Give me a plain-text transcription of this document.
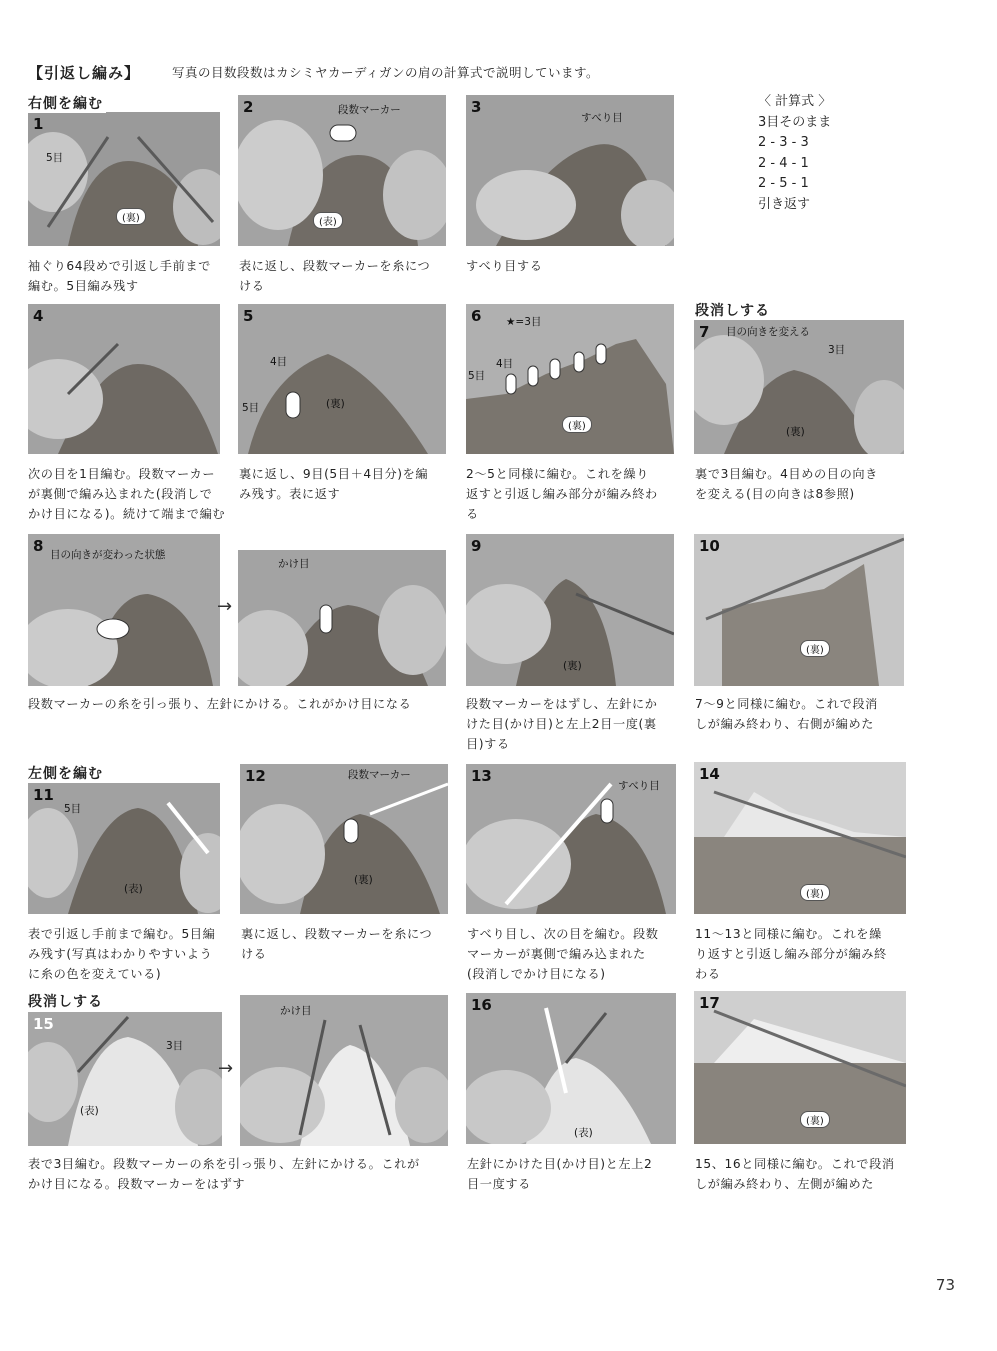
【引返し編み】	写真の目数段数はカシミヤカーディガンの肩の計算式で説明しています。
〈 計算式 〉
3目そのまま
2 - 3 - 3
2 - 4 - 1
2 - 5 - 1
引き返す
右側を編む
段消しする
左側を編む
段消しする
1
5目
(裏)
袖ぐり64段めで引返し手前まで
編む。5目編み残す
2	段数マーカー
(表)
表に返し、段数マーカーを糸につ
ける
3
すべり目
すべり目する
4
次の目を1目編む。段数マーカー
が裏側で編み込まれた(段消しで
かけ目になる)。続けて端まで編む
5
4目
5目	(裏)
裏に返し、9目(5目＋4目分)を編
み残す。表に返す
6 ★=3目
4目
5目
(裏)
2～5と同様に編む。これを繰り
返すと引返し編み部分が編み終わ
る
7 目の向きを変える
3目
(裏)
裏で3目編む。4目めの目の向き
を変える(目の向きは8参照)
8 目の向きが変わった状態
→
かけ目
段数マーカーの糸を引っ張り、左針にかける。これがかけ目になる
9
(裏)
段数マーカーをはずし、左針にか
けた目(かけ目)と左上2目一度(裏
目)する
10
(裏)
7～9と同様に編む。これで段消
しが編み終わり、右側が編めた
11
5目
(表)
表で引返し手前まで編む。5目編
み残す(写真はわかりやすいよう
に糸の色を変えている)
12	段数マーカー
(裏)
裏に返し、段数マーカーを糸につ
ける
13
すべり目
すべり目し、次の目を編む。段数
マーカーが裏側で編み込まれた
(段消しでかけ目になる)
14
(裏)
11～13と同様に編む。これを繰
り返すと引返し編み部分が編み終
わる
15
3目
(表)
→
かけ目
表で3目編む。段数マーカーの糸を引っ張り、左針にかける。これが
かけ目になる。段数マーカーをはずす
16
(表)
左針にかけた目(かけ目)と左上2
目一度する
17
(裏)
15、16と同様に編む。これで段消
しが編み終わり、左側が編めた
73
